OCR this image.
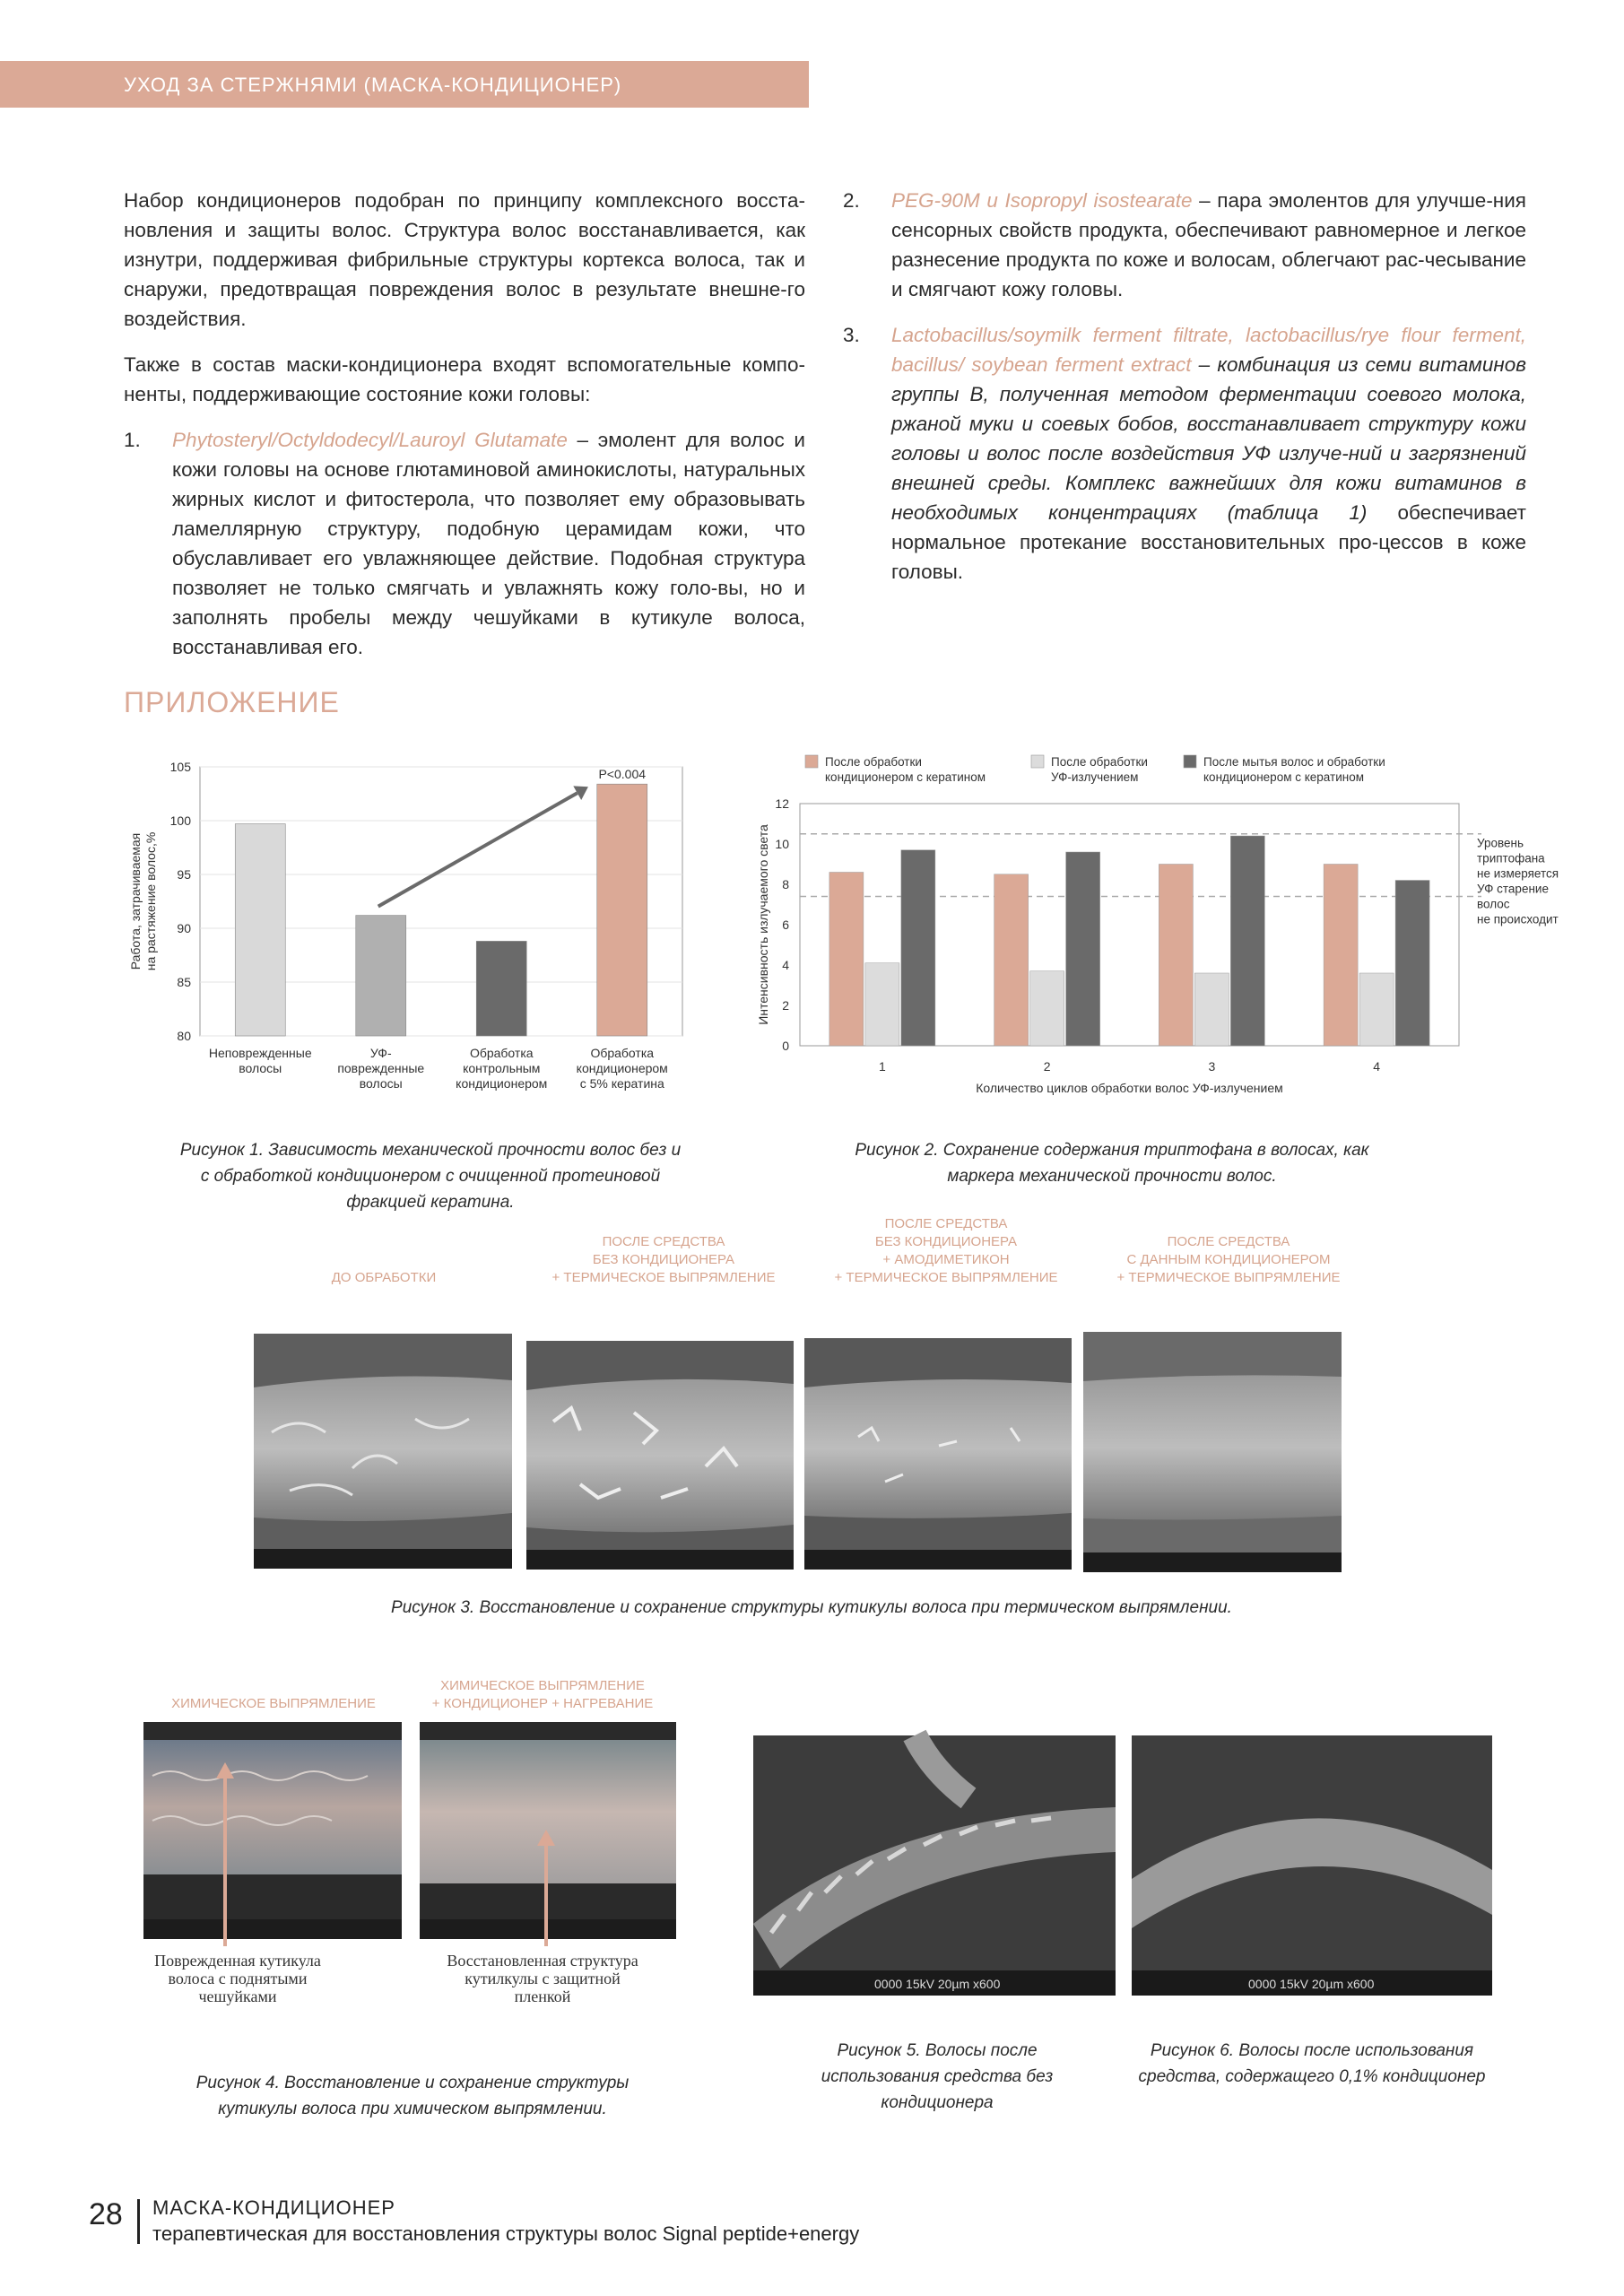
УХОД ЗА СТЕРЖНЯМИ (МАСКА-КОНДИЦИОНЕР)

Набор кондиционеров подобран по принципу комплексного восста-новления и защиты волос. Структура волос восстанавливается, как изнутри, поддерживая фибрильные структуры кортекса волоса, так и снаружи, предотвращая повреждения волос в результате внешне-го воздействия.

Также в состав маски-кондиционера входят вспомогательные компо-ненты, поддерживающие состояние кожи головы:

1. Phytosteryl/Octyldodecyl/Lauroyl Glutamate – эмолент для волос и кожи головы на основе глютаминовой аминокислоты, натуральных жирных кислот и фитостерола, что позволяет ему образовывать ламеллярную структуру, подобную церамидам кожи, что обуславливает его увлажняющее действие. Подобная структура позволяет не только смягчать и увлажнять кожу голо-вы, но и заполнять пробелы между чешуйками в кутикуле волоса, восстанавливая его.
2. PEG-90M и Isopropyl isostearate – пара эмолентов для улучше-ния сенсорных свойств продукта, обеспечивают равномерное и легкое разнесение продукта по коже и волосам, облегчают рас-чесывание и смягчают кожу головы.
3. Lactobacillus/soymilk ferment filtrate, lactobacillus/rye flour ferment, bacillus/ soybean ferment extract – комбинация из семи витаминов группы В, полученная методом ферментации соевого молока, ржаной муки и соевых бобов, восстанавливает структуру кожи головы и волос после воздействия УФ излуче-ний и загрязнений внешней среды. Комплекс важнейших для кожи витаминов в необходимых концентрациях (таблица 1) обеспечивает нормальное протекание восстановительных про-цессов в коже головы.
ПРИЛОЖЕНИЕ
105
100
95
90
85
80
Работа, затрачиваемаяна растяжение волос,%
Неповрежденные
волосы
УФ-
поврежденные
волосы
Обработка
контрольным
кондиционером
Обработка
кондиционером
с 5% кератина
P<0.004
После обработки
кондиционером с кератином
После обработки
УФ-излучением
После мытья волос и обработки
кондиционером с кератином
12
10
8
6
4
2
0
Интенсивность излучаемого света
1	2	3	4
Количество циклов обработки волос УФ-излучением
Уровень
триптофана
не измеряется
УФ старение
волос
не происходит
Рисунок 1. Зависимость механической прочности волос без и с обработкой кондиционером с очищенной протеиновой фракцией кератина.
Рисунок 2. Сохранение содержания триптофана в волосах, как маркера механической прочности волос.
ДО ОБРАБОТКИ
ПОСЛЕ СРЕДСТВА
БЕЗ КОНДИЦИОНЕРА
+ ТЕРМИЧЕСКОЕ ВЫПРЯМЛЕНИЕ
ПОСЛЕ СРЕДСТВА
БЕЗ КОНДИЦИОНЕРА
+ АМОДИМЕТИКОН
+ ТЕРМИЧЕСКОЕ ВЫПРЯМЛЕНИЕ
ПОСЛЕ СРЕДСТВА
С ДАННЫМ КОНДИЦИОНЕРОМ
+ ТЕРМИЧЕСКОЕ ВЫПРЯМЛЕНИЕ
Рисунок 3. Восстановление и сохранение структуры кутикулы волоса при термическом выпрямлении.
ХИМИЧЕСКОЕ ВЫПРЯМЛЕНИЕ
ХИМИЧЕСКОЕ ВЫПРЯМЛЕНИЕ
+ КОНДИЦИОНЕР + НАГРЕВАНИЕ
Поврежденная кутикула
волоса с поднятыми
чешуйками
Восстановленная структура
кутилкулы с защитной
пленкой
Рисунок 4. Восстановление и сохранение структуры кутикулы волоса при химическом выпрямлении.
0000 15kV 20µm x600	0000 15kV 20µm x600
Рисунок 5. Волосы после использования средства без кондиционера
Рисунок 6. Волосы после использования средства, содержащего 0,1% кондиционер
28 МАСКА-КОНДИЦИОНЕР
терапевтическая для восстановления структуры волос Signal peptide+energy
